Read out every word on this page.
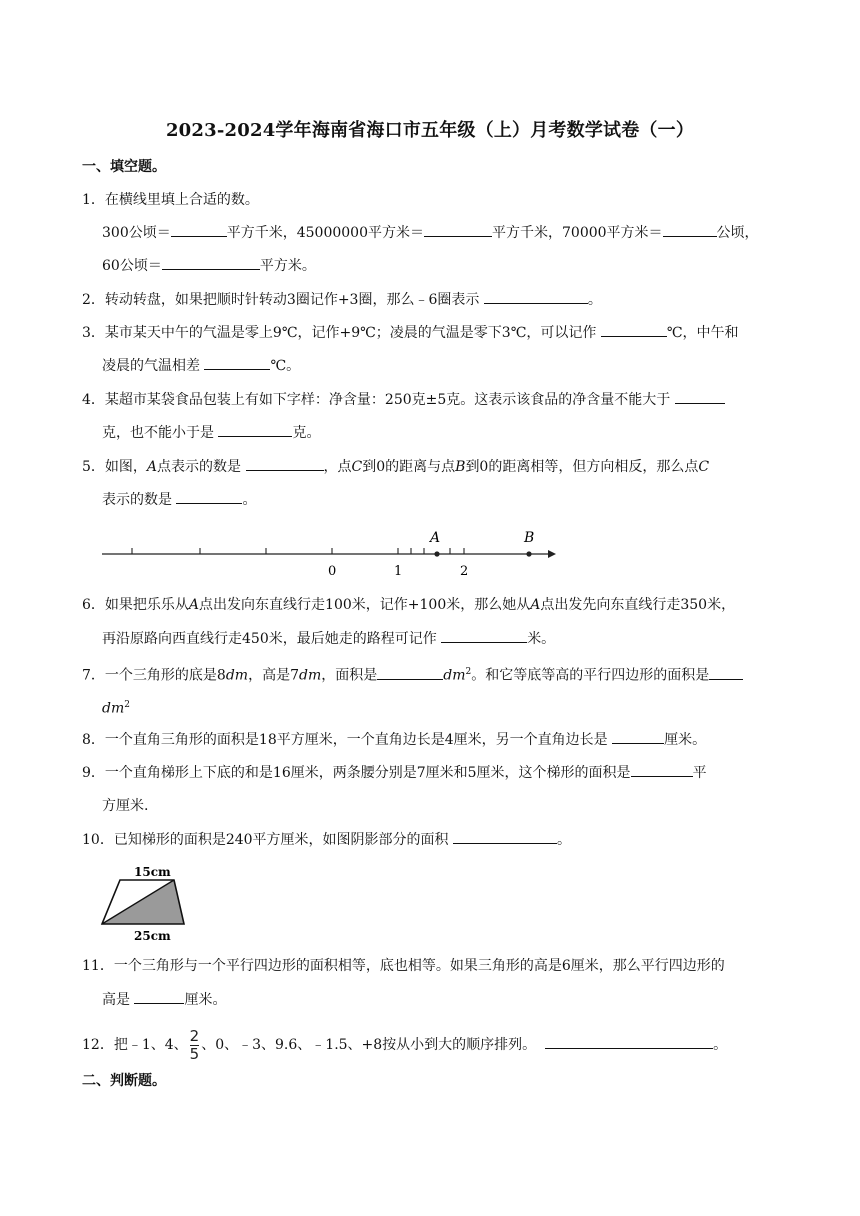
2023-2024学年海南省海口市五年级（上）月考数学试卷（一）
一、填空题。
1．在横线里填上合适的数。
300公顷＝	平方千米，45000000平方米＝	平方千米，70000平方米＝	公顷，
60公顷＝	平方米。
2．转动转盘，如果把顺时针转动3圈记作+3圈，那么﹣6圈表示	。
3．某市某天中午的气温是零上9℃，记作+9℃；凌晨的气温是零下3℃，可以记作	℃，中午和
凌晨的气温相差	℃。
4．某超市某袋食品包装上有如下字样：净含量：250克±5克。这表示该食品的净含量不能大于
克，也不能小于是	克。
5．如图，A点表示的数是	，点C到0的距离与点B到0的距离相等，但方向相反，那么点C
表示的数是	。
A	B
0	1	2
6．如果把乐乐从A点出发向东直线行走100米，记作+100米，那么她从A点出发先向东直线行走350米，
再沿原路向西直线行走450米，最后她走的路程可记作	米。
7．一个三角形的底是8dm，高是7dm，面积是	$dm^2$。和它等底等高的平行四边形的面积是
$dm^2$
8．一个直角三角形的面积是18平方厘米，一个直角边长是4厘米，另一个直角边长是	厘米。
9．一个直角梯形上下底的和是16厘米，两条腰分别是7厘米和5厘米，这个梯形的面积是	平
方厘米.
10．已知梯形的面积是240平方厘米，如图阴影部分的面积	。
15cm
25cm
11．一个三角形与一个平行四边形的面积相等，底也相等。如果三角形的高是6厘米，那么平行四边形的
高是	厘米。
12．把﹣1、4、 $\frac{2}{5}$ 、0、﹣3、9.6、﹣1.5、+8按从小到大的顺序排列。	。
二、判断题。
